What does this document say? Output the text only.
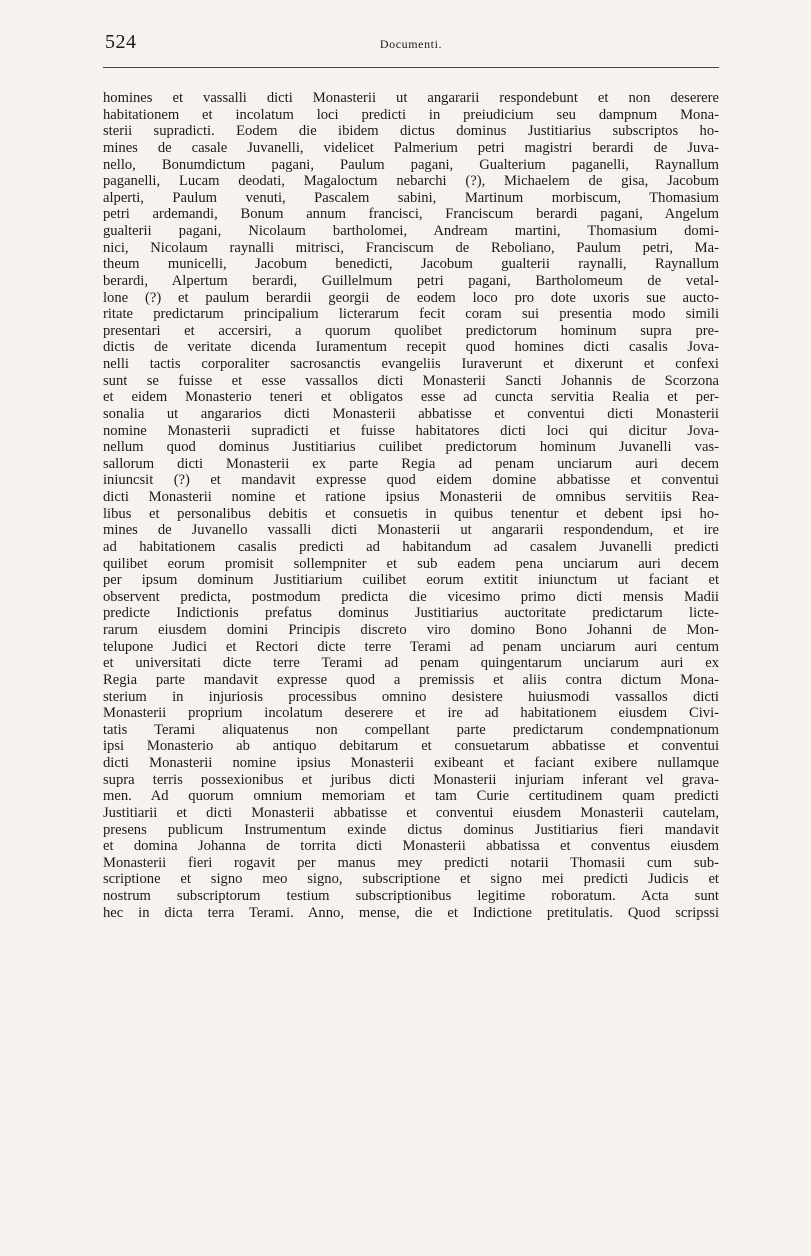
524	Documenti.
homines et vassalli dicti Monasterii ut angararii respondebunt et non deserere
habitationem et incolatum loci predicti in preiudicium seu dampnum Mona-
sterii supradicti. Eodem die ibidem dictus dominus Justitiarius subscriptos ho-
mines de casale Juvanelli, videlicet Palmerium petri magistri berardi de Juva-
nello, Bonumdictum pagani, Paulum pagani, Gualterium paganelli, Raynallum
paganelli, Lucam deodati, Magaloctum nebarchi (?), Michaelem de gisa, Jacobum
alperti, Paulum venuti, Pascalem sabini, Martinum morbiscum, Thomasium
petri ardemandi, Bonum annum francisci, Franciscum berardi pagani, Angelum
gualterii pagani, Nicolaum bartholomei, Andream martini, Thomasium domi-
nici, Nicolaum raynalli mitrisci, Franciscum de Reboliano, Paulum petri, Ma-
theum municelli, Jacobum benedicti, Jacobum gualterii raynalli, Raynallum
berardi, Alpertum berardi, Guillelmum petri pagani, Bartholomeum de vetal-
lone (?) et paulum berardii georgii de eodem loco pro dote uxoris sue aucto-
ritate predictarum principalium licterarum fecit coram sui presentia modo simili
presentari et accersiri, a quorum quolibet predictorum hominum supra pre-
dictis de veritate dicenda Iuramentum recepit quod homines dicti casalis Jova-
nelli tactis corporaliter sacrosanctis evangeliis Iuraverunt et dixerunt et confexi
sunt se fuisse et esse vassallos dicti Monasterii Sancti Johannis de Scorzona
et eidem Monasterio teneri et obligatos esse ad cuncta servitia Realia et per-
sonalia ut angararios dicti Monasterii abbatisse et conventui dicti Monasterii
nomine Monasterii supradicti et fuisse habitatores dicti loci qui dicitur Jova-
nellum quod dominus Justitiarius cuilibet predictorum hominum Juvanelli vas-
sallorum dicti Monasterii ex parte Regia ad penam unciarum auri decem
iniuncsit (?) et mandavit expresse quod eidem domine abbatisse et conventui
dicti Monasterii nomine et ratione ipsius Monasterii de omnibus servitiis Rea-
libus et personalibus debitis et consuetis in quibus tenentur et debent ipsi ho-
mines de Juvanello vassalli dicti Monasterii ut angararii respondendum, et ire
ad habitationem casalis predicti ad habitandum ad casalem Juvanelli predicti
quilibet eorum promisit sollempniter et sub eadem pena unciarum auri decem
per ipsum dominum Justitiarium cuilibet eorum extitit iniunctum ut faciant et
observent predicta, postmodum predicta die vicesimo primo dicti mensis Madii
predicte Indictionis prefatus dominus Justitiarius auctoritate predictarum licte-
rarum eiusdem domini Principis discreto viro domino Bono Johanni de Mon-
telupone Judici et Rectori dicte terre Terami ad penam unciarum auri centum
et universitati dicte terre Terami ad penam quingentarum unciarum auri ex
Regia parte mandavit expresse quod a premissis et aliis contra dictum Mona-
sterium in injuriosis processibus omnino desistere huiusmodi vassallos dicti
Monasterii proprium incolatum deserere et ire ad habitationem eiusdem Civi-
tatis Terami aliquatenus non compellant parte predictarum condempnationum
ipsi Monasterio ab antiquo debitarum et consuetarum abbatisse et conventui
dicti Monasterii nomine ipsius Monasterii exibeant et faciant exibere nullamque
supra terris possexionibus et juribus dicti Monasterii injuriam inferant vel grava-
men. Ad quorum omnium memoriam et tam Curie certitudinem quam predicti
Justitiarii et dicti Monasterii abbatisse et conventui eiusdem Monasterii cautelam,
presens publicum Instrumentum exinde dictus dominus Justitiarius fieri mandavit
et domina Johanna de torrita dicti Monasterii abbatissa et conventus eiusdem
Monasterii fieri rogavit per manus mey predicti notarii Thomasii cum sub-
scriptione et signo meo signo, subscriptione et signo mei predicti Judicis et
nostrum subscriptorum testium subscriptionibus legitime roboratum. Acta sunt
hec in dicta terra Terami. Anno, mense, die et Indictione pretitulatis. Quod scripssi
